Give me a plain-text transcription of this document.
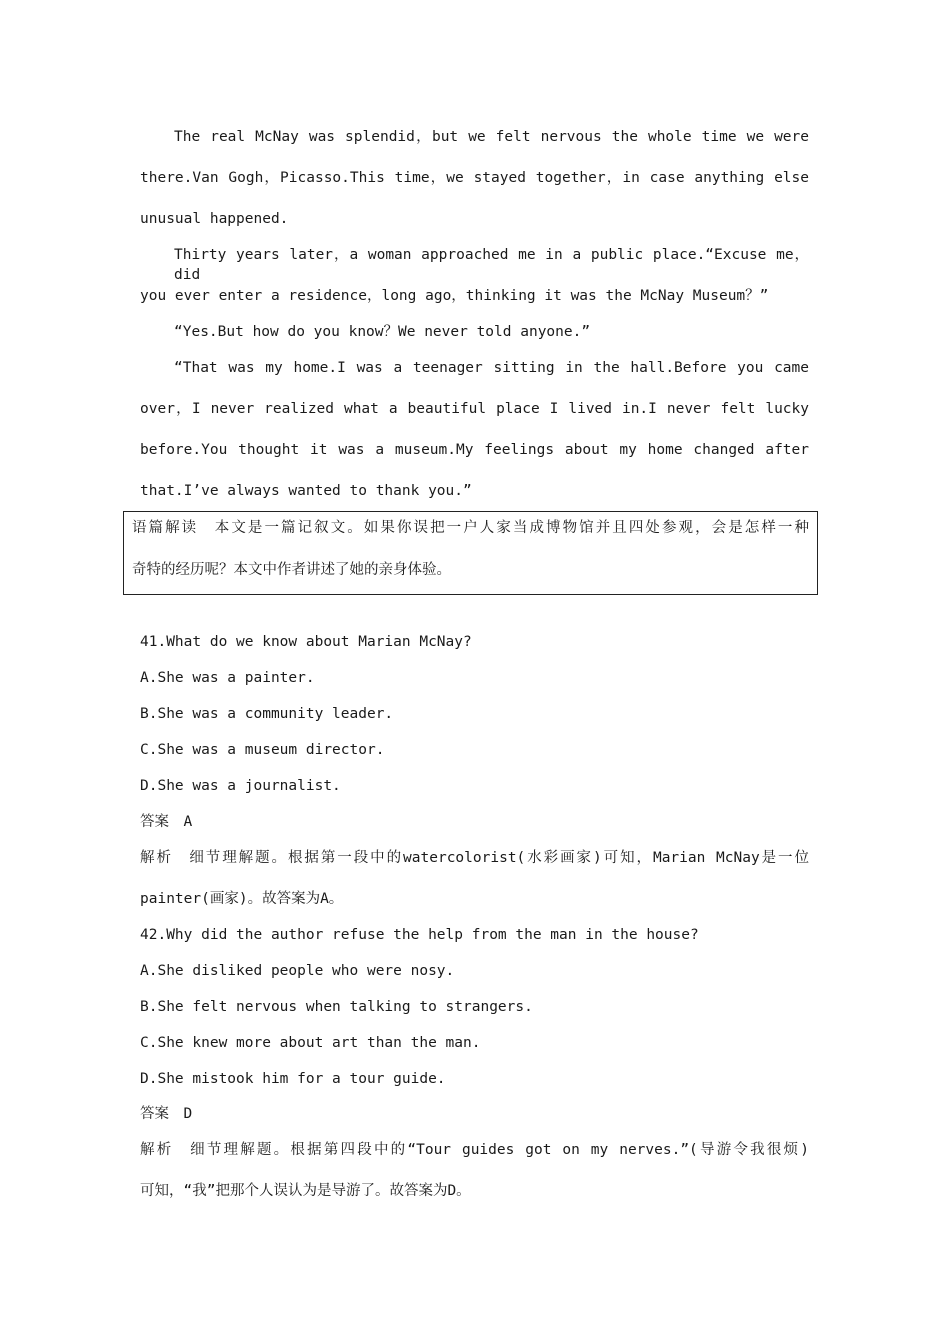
The real McNay was splendid，but we felt nervous the whole time we were
there.Van Gogh，Picasso.This time，we stayed together，in case anything else
unusual happened.
Thirty years later，a woman approached me in a public place.“Excuse me，did
you ever enter a residence，long ago，thinking it was the McNay Museum？”
“Yes.But how do you know？We never told anyone.”
“That was my home.I was a teenager sitting in the hall.Before you came
over，I never realized what a beautiful place I lived in.I never felt lucky
before.You thought it was a museum.My feelings about my home changed after
that.I’ve always wanted to thank you.”
语篇解读　本文是一篇记叙文。如果你误把一户人家当成博物馆并且四处参观，会是怎样一种
奇特的经历呢？本文中作者讲述了她的亲身体验。
41.What do we know about Marian McNay?
A.She was a painter.
B.She was a community leader.
C.She was a museum director.
D.She was a journalist.
答案　A
解析　细节理解题。根据第一段中的watercolorist(水彩画家)可知，Marian McNay是一位
painter(画家)。故答案为A。
42.Why did the author refuse the help from the man in the house?
A.She disliked people who were nosy.
B.She felt nervous when talking to strangers.
C.She knew more about art than the man.
D.She mistook him for a tour guide.
答案　D
解析　细节理解题。根据第四段中的“Tour guides got on my nerves.”(导游令我很烦)
可知，“我”把那个人误认为是导游了。故答案为D。
